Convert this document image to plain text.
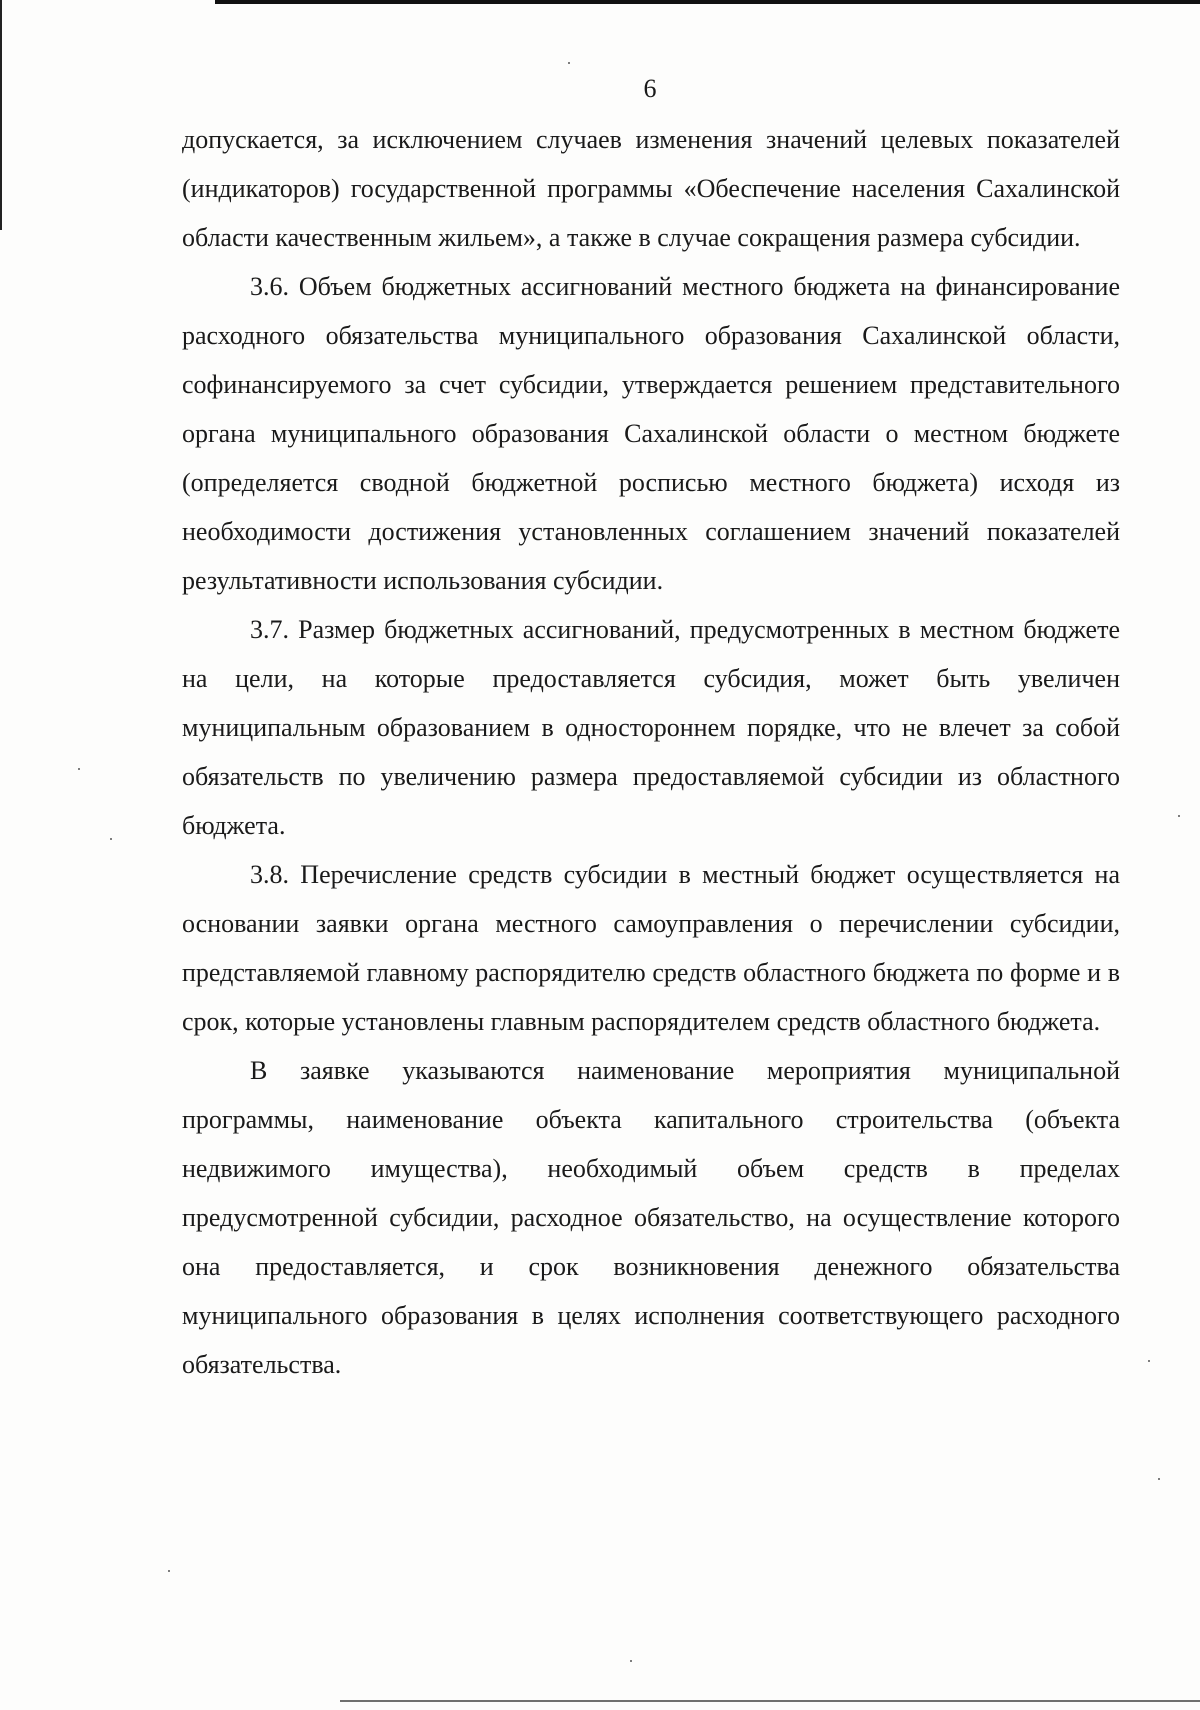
6

допускается, за исключением случаев изменения значений целевых показателей (индикаторов) государственной программы «Обеспечение населения Сахалинской области качественным жильем», а также в случае сокращения размера субсидии.

3.6. Объем бюджетных ассигнований местного бюджета на финансирование расходного обязательства муниципального образования Сахалинской области, софинансируемого за счет субсидии, утверждается решением представительного органа муниципального образования Сахалинской области о местном бюджете (определяется сводной бюджетной росписью местного бюджета) исходя из необходимости достижения установленных соглашением значений показателей результативности использования субсидии.

3.7. Размер бюджетных ассигнований, предусмотренных в местном бюджете на цели, на которые предоставляется субсидия, может быть увеличен муниципальным образованием в одностороннем порядке, что не влечет за собой обязательств по увеличению размера предоставляемой субсидии из областного бюджета.

3.8. Перечисление средств субсидии в местный бюджет осуществляется на основании заявки органа местного самоуправления о перечислении субсидии, представляемой главному распорядителю средств областного бюджета по форме и в срок, которые установлены главным распорядителем средств областного бюджета.

В заявке указываются наименование мероприятия муниципальной программы, наименование объекта капитального строительства (объекта недвижимого имущества), необходимый объем средств в пределах предусмотренной субсидии, расходное обязательство, на осуществление которого она предоставляется, и срок возникновения денежного обязательства муниципального образования в целях исполнения соответствующего расходного обязательства.
